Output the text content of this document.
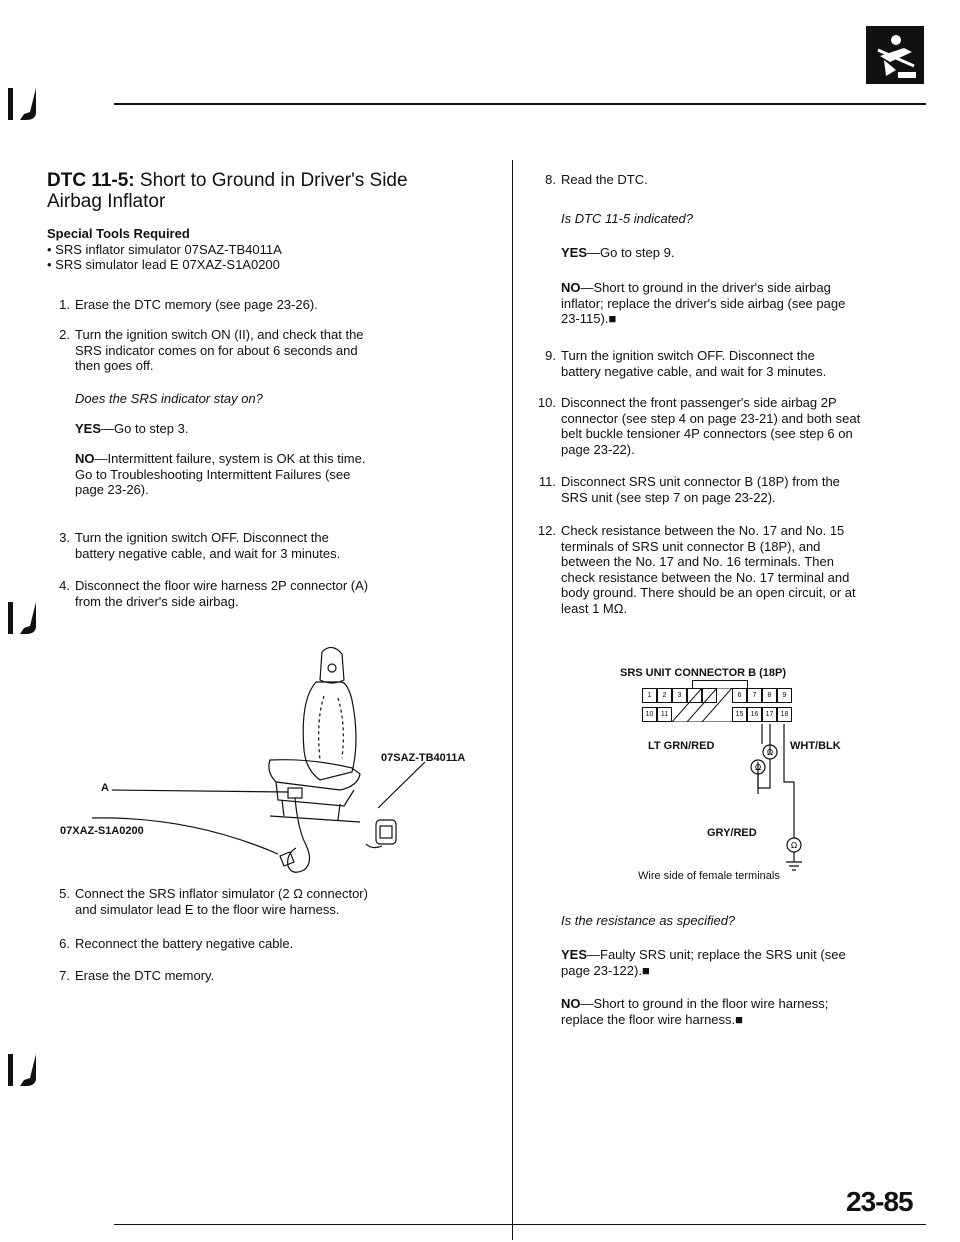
DTC 11-5: Short to Ground in Driver's Side
Airbag Inflator
Special Tools Required
• SRS inflator simulator 07SAZ-TB4011A
• SRS simulator lead E 07XAZ-S1A0200
1. Erase the DTC memory (see page 23-26).
2. Turn the ignition switch ON (II), and check that the
SRS indicator comes on for about 6 seconds and
then goes off.
Does the SRS indicator stay on?
YES—Go to step 3.
NO—Intermittent failure, system is OK at this time.
Go to Troubleshooting Intermittent Failures (see
page 23-26).
3. Turn the ignition switch OFF. Disconnect the
battery negative cable, and wait for 3 minutes.
4. Disconnect the floor wire harness 2P connector (A)
from the driver's side airbag.
A
07SAZ-TB4011A
07XAZ-S1A0200
5. Connect the SRS inflator simulator (2 Ω connector)
and simulator lead E to the floor wire harness.
6. Reconnect the battery negative cable.
7. Erase the DTC memory.
8. Read the DTC.
Is DTC 11-5 indicated?
YES—Go to step 9.
NO—Short to ground in the driver's side airbag
inflator; replace the driver's side airbag (see page
23-115).■
9. Turn the ignition switch OFF. Disconnect the
battery negative cable, and wait for 3 minutes.
10. Disconnect the front passenger's side airbag 2P
connector (see step 4 on page 23-21) and both seat
belt buckle tensioner 4P connectors (see step 6 on
page 23-22).
11. Disconnect SRS unit connector B (18P) from the
SRS unit (see step 7 on page 23-22).
12. Check resistance between the No. 17 and No. 15
terminals of SRS unit connector B (18P), and
between the No. 17 and No. 16 terminals. Then
check resistance between the No. 17 terminal and
body ground. There should be an open circuit, or at
least 1 MΩ.
SRS UNIT CONNECTOR B (18P)
1	2	3	6	7	8	9
10	11	15	16	17	18
Ω
Ω
Ω
LT GRN/RED	WHT/BLK
GRY/RED
Wire side of female terminals
Is the resistance as specified?
YES—Faulty SRS unit; replace the SRS unit (see
page 23-122).■
NO—Short to ground in the floor wire harness;
replace the floor wire harness.■
23-85
